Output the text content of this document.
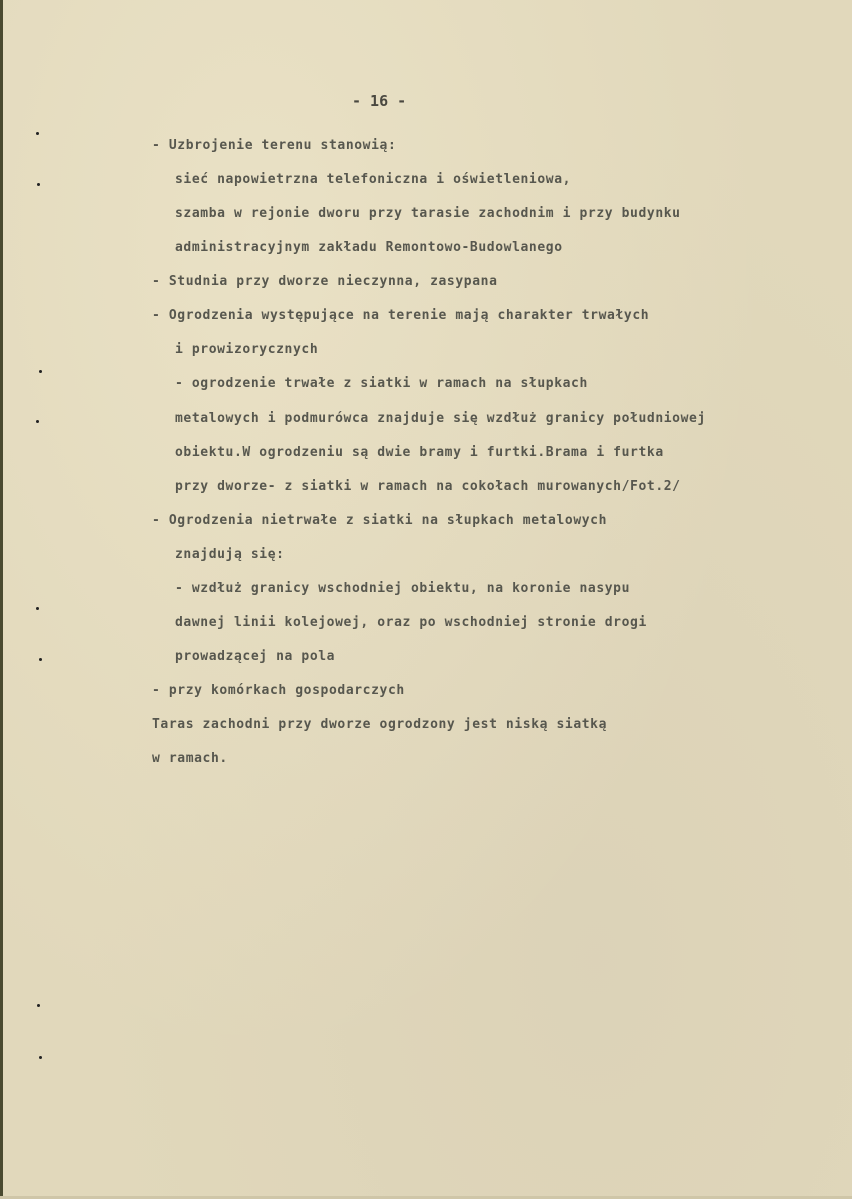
- 16 -
- Uzbrojenie terenu stanowią:
sieć napowietrzna telefoniczna i oświetleniowa,
szamba w rejonie dworu przy tarasie zachodnim i przy budynku
administracyjnym zakładu Remontowo-Budowlanego
- Studnia przy dworze nieczynna, zasypana
- Ogrodzenia występujące na terenie mają charakter trwałych
i prowizorycznych
- ogrodzenie trwałe z siatki w ramach na słupkach
metalowych i podmurówca znajduje się wzdłuż granicy południowej
obiektu.W ogrodzeniu są dwie bramy i furtki.Brama i furtka
przy dworze- z siatki w ramach na cokołach murowanych/Fot.2/
- Ogrodzenia nietrwałe z siatki na słupkach metalowych
znajdują się:
- wzdłuż granicy wschodniej obiektu, na koronie nasypu
dawnej linii kolejowej, oraz po wschodniej stronie drogi
prowadzącej na pola
- przy komórkach gospodarczych
Taras zachodni przy dworze ogrodzony jest niską siatką
w ramach.
